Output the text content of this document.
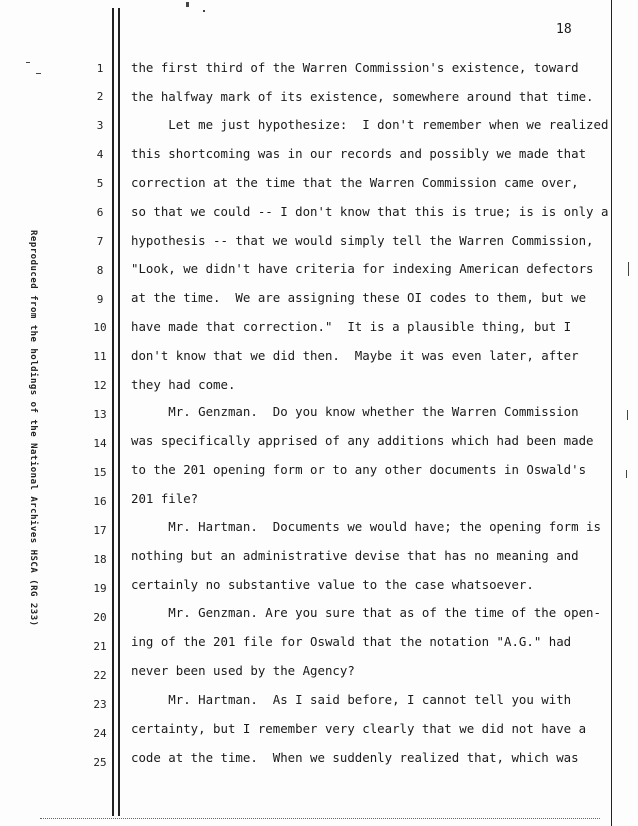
18
Reproduced from the holdings of the National Archives HSCA (RG 233)
1
2
3
4
5
6
7
8
9
10
11
12
13
14
15
16
17
18
19
20
21
22
23
24
25
the first third of the Warren Commission's existence, toward
the halfway mark of its existence, somewhere around that time.
Let me just hypothesize:  I don't remember when we realized
this shortcoming was in our records and possibly we made that
correction at the time that the Warren Commission came over,
so that we could -- I don't know that this is true; is is only a
hypothesis -- that we would simply tell the Warren Commission,
"Look, we didn't have criteria for indexing American defectors
at the time.  We are assigning these OI codes to them, but we
have made that correction."  It is a plausible thing, but I
don't know that we did then.  Maybe it was even later, after
they had come.
Mr. Genzman.  Do you know whether the Warren Commission
was specifically apprised of any additions which had been made
to the 201 opening form or to any other documents in Oswald's
201 file?
Mr. Hartman.  Documents we would have; the opening form is
nothing but an administrative devise that has no meaning and
certainly no substantive value to the case whatsoever.
Mr. Genzman. Are you sure that as of the time of the open-
ing of the 201 file for Oswald that the notation "A.G." had
never been used by the Agency?
Mr. Hartman.  As I said before, I cannot tell you with
certainty, but I remember very clearly that we did not have a
code at the time.  When we suddenly realized that, which was
